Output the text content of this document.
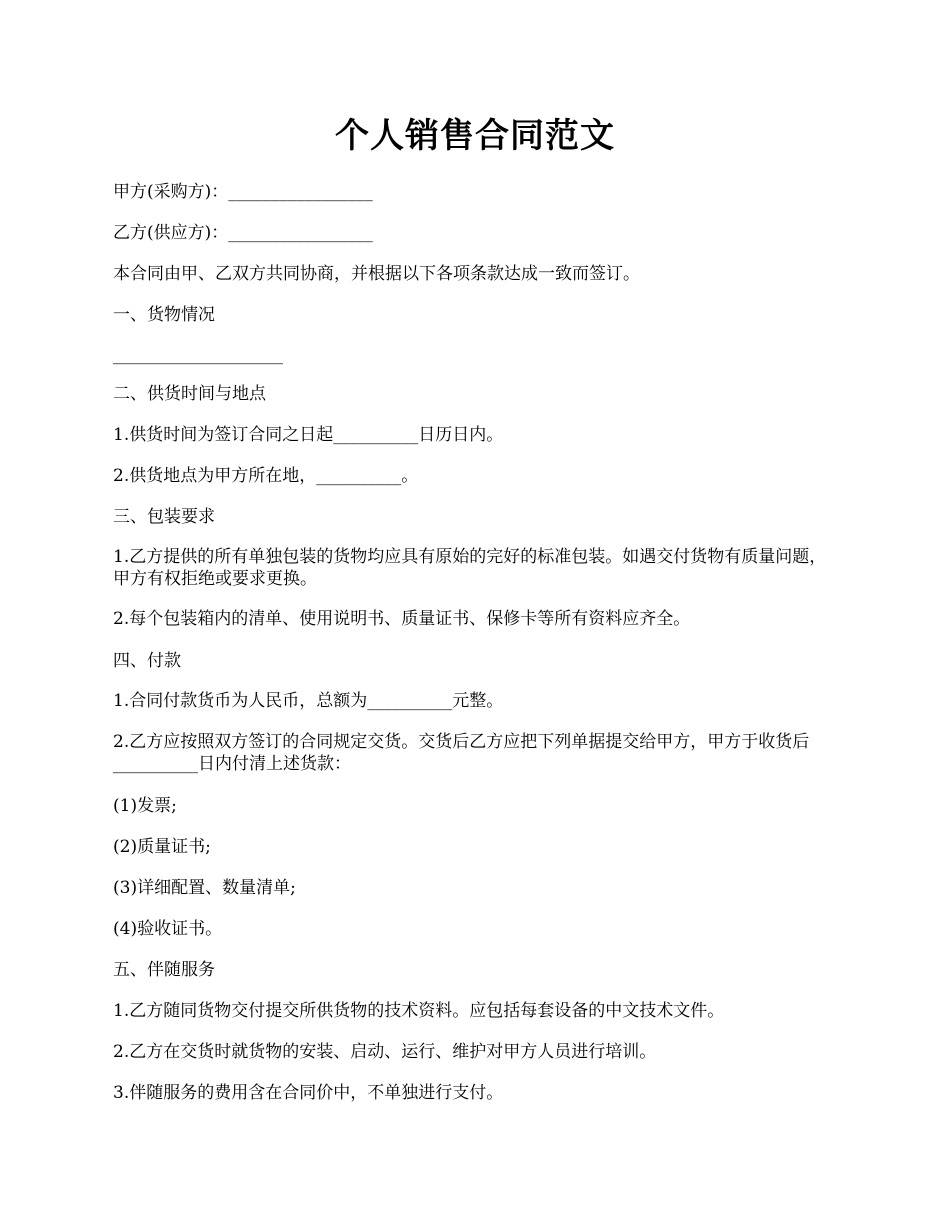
个人销售合同范文
甲方(采购方)：_________________
乙方(供应方)：_________________
本合同由甲、乙双方共同协商，并根据以下各项条款达成一致而签订。
一、货物情况
____________________
二、供货时间与地点
1.供货时间为签订合同之日起__________日历日内。
2.供货地点为甲方所在地，__________。
三、包装要求
1.乙方提供的所有单独包装的货物均应具有原始的完好的标准包装。如遇交付货物有质量问题，甲方有权拒绝或要求更换。
2.每个包装箱内的清单、使用说明书、质量证书、保修卡等所有资料应齐全。
四、付款
1.合同付款货币为人民币，总额为__________元整。
2.乙方应按照双方签订的合同规定交货。交货后乙方应把下列单据提交给甲方，甲方于收货后__________日内付清上述货款：
(1)发票;
(2)质量证书;
(3)详细配置、数量清单;
(4)验收证书。
五、伴随服务
1.乙方随同货物交付提交所供货物的技术资料。应包括每套设备的中文技术文件。
2.乙方在交货时就货物的安装、启动、运行、维护对甲方人员进行培训。
3.伴随服务的费用含在合同价中，不单独进行支付。
